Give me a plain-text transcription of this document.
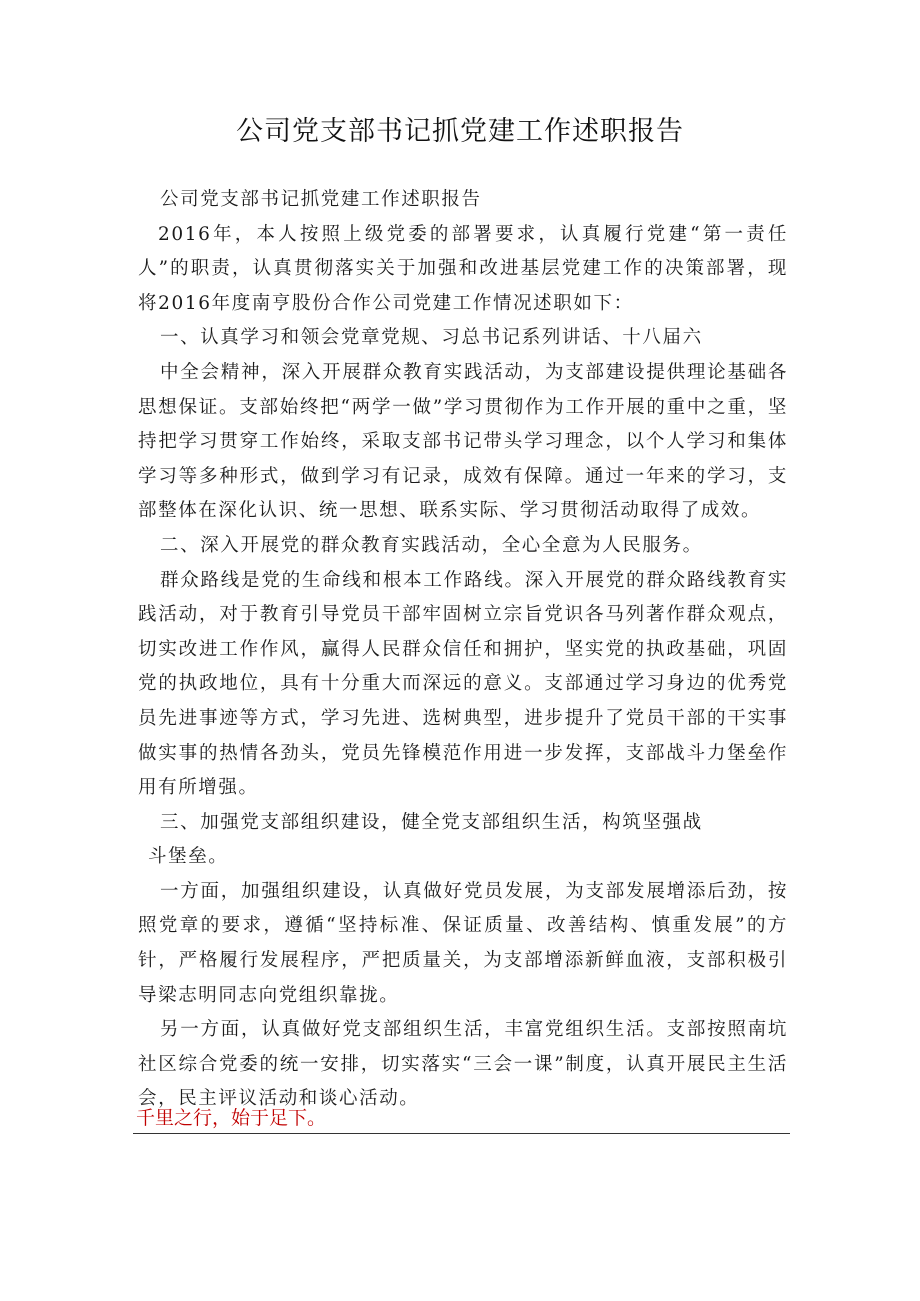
公司党支部书记抓党建工作述职报告

公司党支部书记抓党建工作述职报告

2016年，本人按照上级党委的部署要求，认真履行党建“第一责任人”的职责，认真贯彻落实关于加强和改进基层党建工作的决策部署，现将2016年度南亨股份合作公司党建工作情况述职如下：

一、认真学习和领会党章党规、习总书记系列讲话、十八届六

中全会精神，深入开展群众教育实践活动，为支部建设提供理论基础各思想保证。支部始终把“两学一做”学习贯彻作为工作开展的重中之重，坚持把学习贯穿工作始终，采取支部书记带头学习理念，以个人学习和集体学习等多种形式，做到学习有记录，成效有保障。通过一年来的学习，支部整体在深化认识、统一思想、联系实际、学习贯彻活动取得了成效。

二、深入开展党的群众教育实践活动，全心全意为人民服务。

群众路线是党的生命线和根本工作路线。深入开展党的群众路线教育实践活动，对于教育引导党员干部牢固树立宗旨党识各马列著作群众观点，切实改进工作作风，赢得人民群众信任和拥护，坚实党的执政基础，巩固党的执政地位，具有十分重大而深远的意义。支部通过学习身边的优秀党员先进事迹等方式，学习先进、选树典型，进步提升了党员干部的干实事做实事的热情各劲头，党员先锋模范作用进一步发挥，支部战斗力堡垒作用有所增强。

三、加强党支部组织建设，健全党支部组织生活，构筑坚强战

斗堡垒。

一方面，加强组织建设，认真做好党员发展，为支部发展增添后劲，按照党章的要求，遵循“坚持标准、保证质量、改善结构、慎重发展”的方针，严格履行发展程序，严把质量关，为支部增添新鲜血液，支部积极引导梁志明同志向党组织靠拢。

另一方面，认真做好党支部组织生活，丰富党组织生活。支部按照南坑社区综合党委的统一安排，切实落实“三会一课”制度，认真开展民主生活会，民主评议活动和谈心活动。

千里之行，始于足下。
